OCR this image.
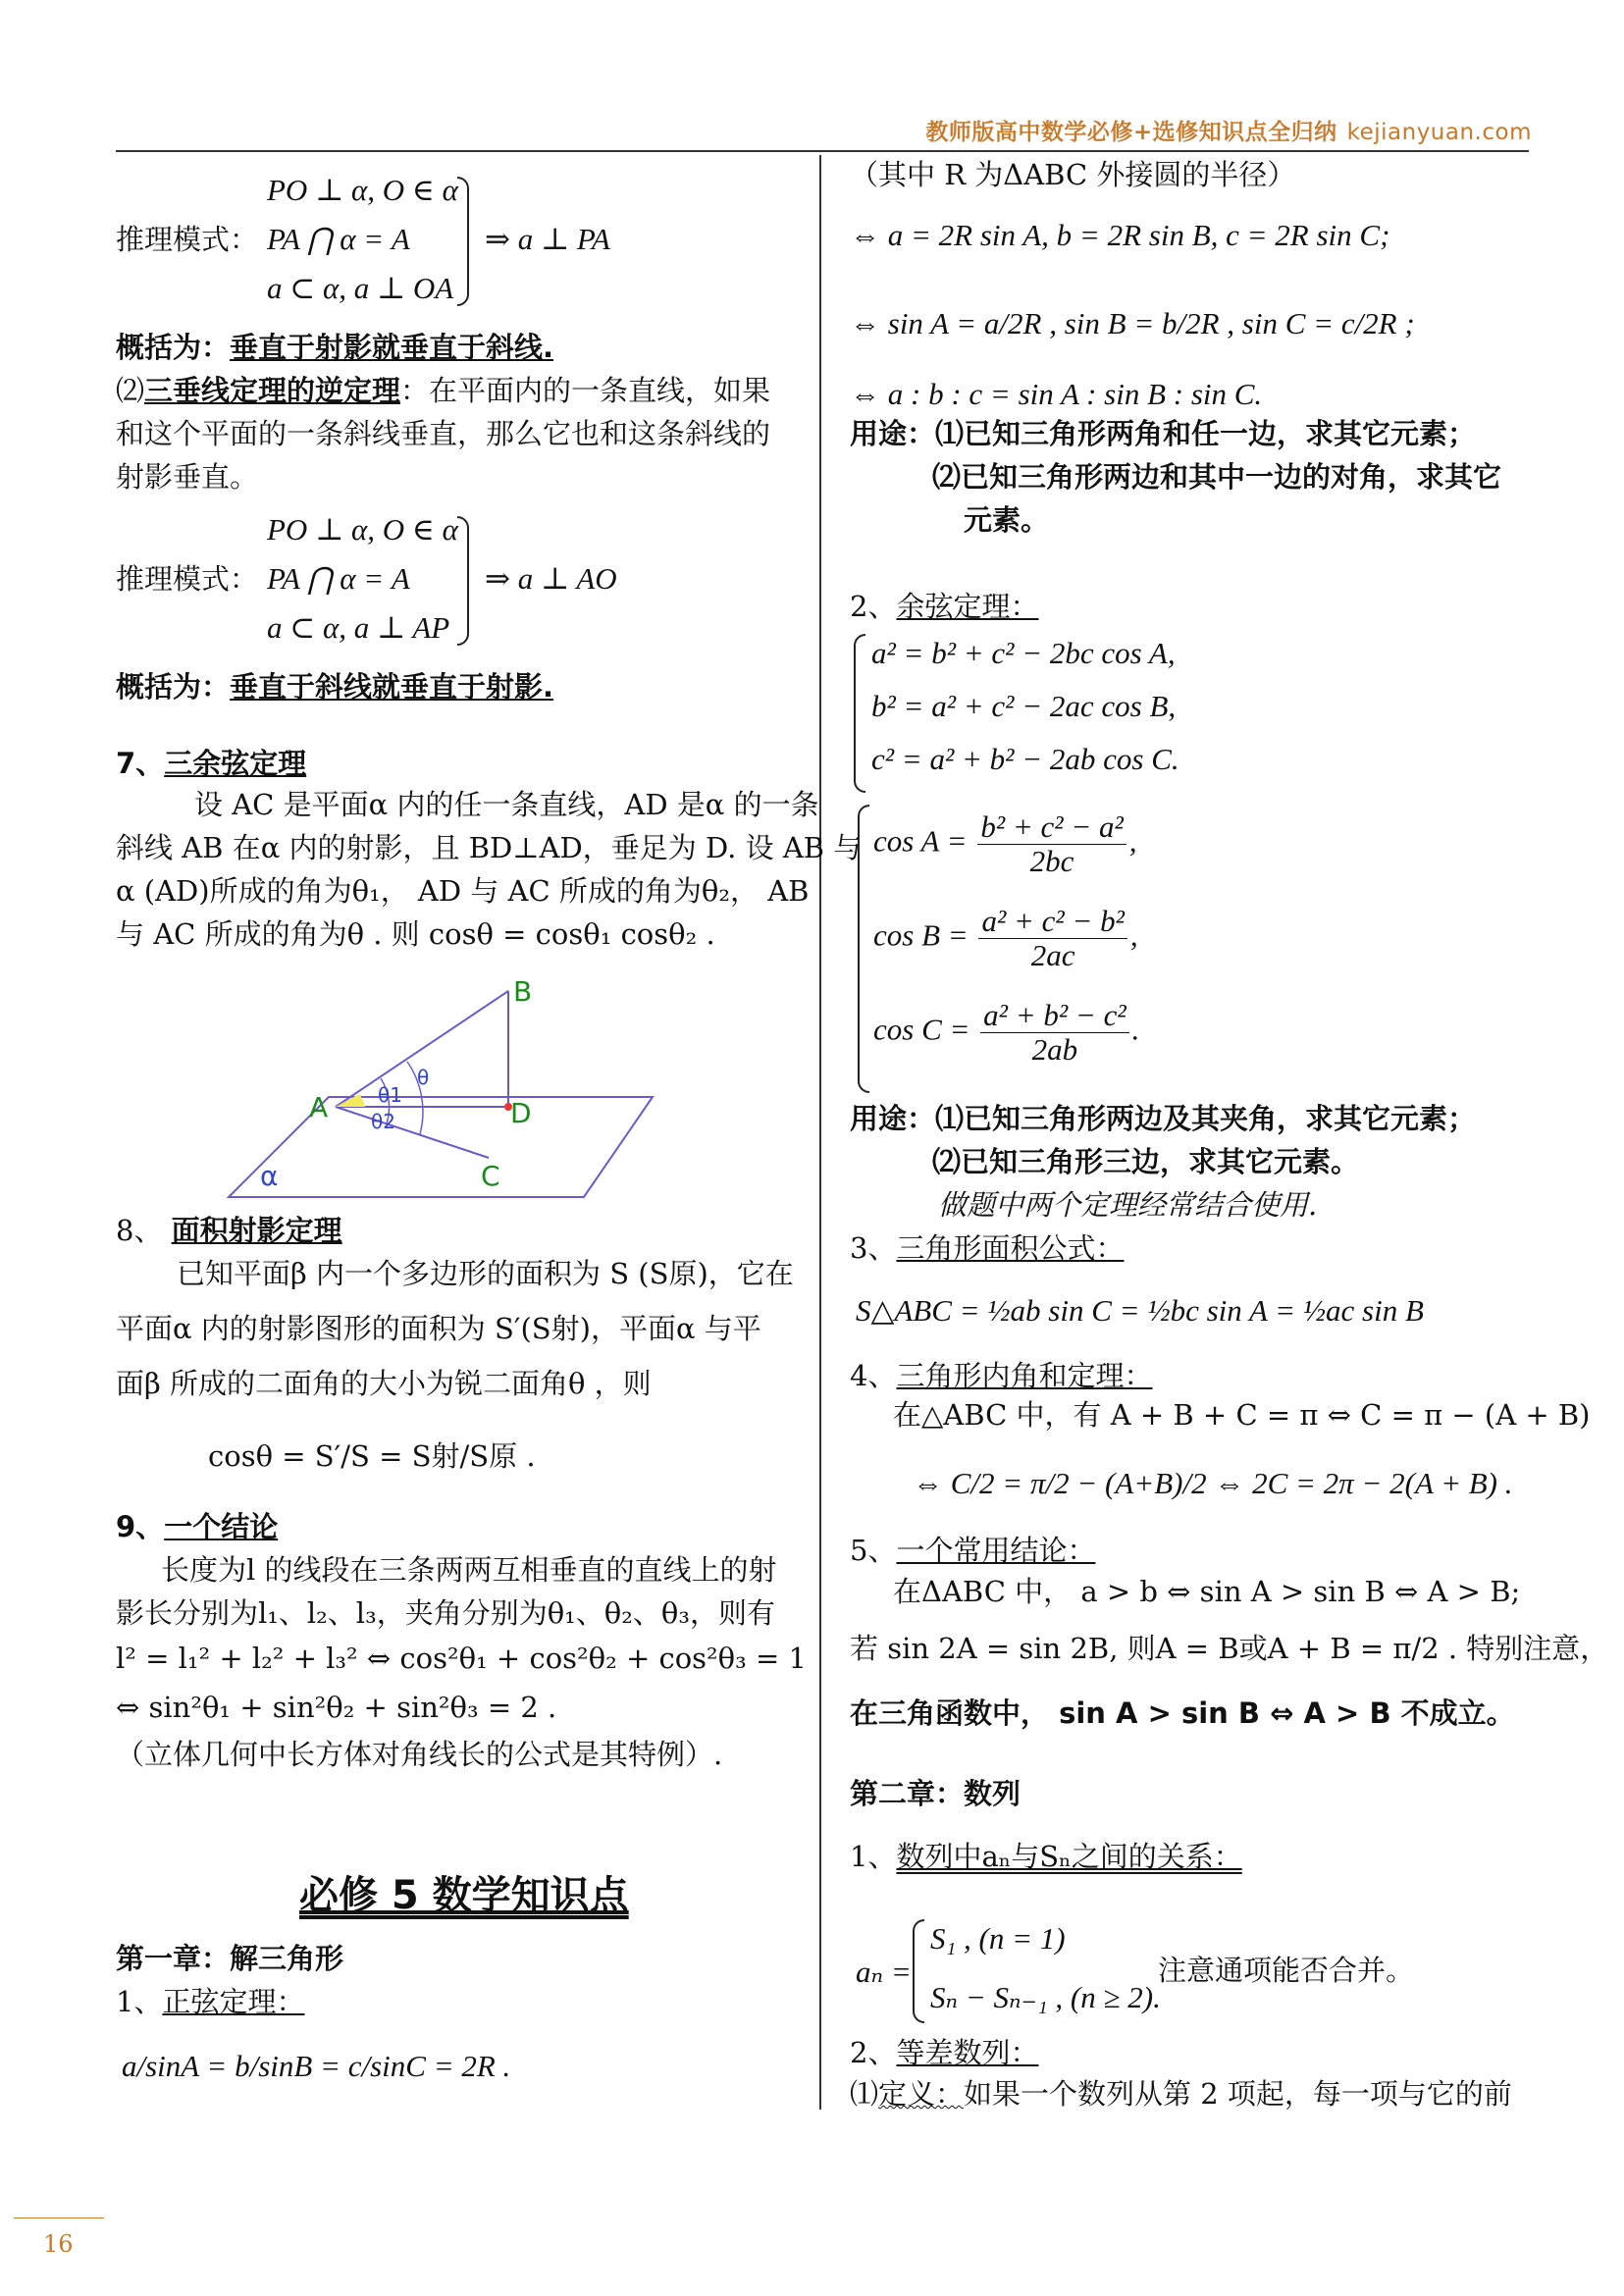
教师版高中数学必修+选修知识点全归纳 kejianyuan.com
PO ⊥ α, O ∈ α
推理模式： PA ⋂ α = A
a ⊂ α, a ⊥ OA
⇒ a ⊥ PA
概括为：垂直于射影就垂直于斜线.
⑵三垂线定理的逆定理：在平面内的一条直线，如果
和这个平面的一条斜线垂直，那么它也和这条斜线的
射影垂直。
PO ⊥ α, O ∈ α
推理模式： PA ⋂ α = A
a ⊂ α, a ⊥ AP
⇒ a ⊥ AO
概括为：垂直于斜线就垂直于射影.
7、三余弦定理
设 AC 是平面α 内的任一条直线，AD 是α 的一条
斜线 AB 在α 内的射影，且 BD⊥AD，垂足为 D. 设 AB 与
α (AD)所成的角为θ₁， AD 与 AC 所成的角为θ₂， AB
与 AC 所成的角为θ . 则 cosθ = cosθ₁ cosθ₂ .
B
A	D
C
α
θ
θ1
θ2
8、 面积射影定理
已知平面β 内一个多边形的面积为 S (S原)，它在
平面α 内的射影图形的面积为 S′(S射)，平面α 与平
面β 所成的二面角的大小为锐二面角θ ，则
cosθ = S′/S = S射/S原 .
9、一个结论
长度为l 的线段在三条两两互相垂直的直线上的射
影长分别为l₁、l₂、l₃，夹角分别为θ₁、θ₂、θ₃，则有
l² = l₁² + l₂² + l₃² ⇔ cos²θ₁ + cos²θ₂ + cos²θ₃ = 1
⇔ sin²θ₁ + sin²θ₂ + sin²θ₃ = 2 .
（立体几何中长方体对角线长的公式是其特例）.
必修 5 数学知识点
第一章：解三角形
1、正弦定理：
a/sinA = b/sinB = c/sinC = 2R .
（其中 R 为ΔABC 外接圆的半径）
⇔ a = 2R sin A, b = 2R sin B, c = 2R sin C;
⇔ sin A = a/2R , sin B = b/2R , sin C = c/2R ;
⇔ a : b : c = sin A : sin B : sin C.
用途：⑴已知三角形两角和任一边，求其它元素；
⑵已知三角形两边和其中一边的对角，求其它
元素。
2、余弦定理：
a² = b² + c² − 2bc cos A,
b² = a² + c² − 2ac cos B,
c² = a² + b² − 2ab cos C.
$\cos A = \frac{\text{b² + c² − a²}}{2bc}$ ,
$\cos B = \frac{\text{a² + c² − b²}}{2ac}$ ,
$\cos C = \frac{\text{a² + b² − c²}}{2ab}$ .
用途：⑴已知三角形两边及其夹角，求其它元素；
⑵已知三角形三边，求其它元素。
做题中两个定理经常结合使用.
3、三角形面积公式：
S△ABC = ½ab sin C = ½bc sin A = ½ac sin B
4、三角形内角和定理：
在△ABC 中，有 A + B + C = π ⇔ C = π − (A + B)
⇔ C/2 = π/2 − (A+B)/2 ⇔ 2C = 2π − 2(A + B) .
5、一个常用结论：
在ΔABC 中， a > b ⇔ sin A > sin B ⇔ A > B;
若 sin 2A = sin 2B, 则A = B或A + B = π/2 . 特别注意，
在三角函数中， sin A > sin B ⇔ A > B 不成立。
第二章：数列
1、数列中aₙ与Sₙ之间的关系：
aₙ =
S₁ , (n = 1)
Sₙ − Sₙ₋₁ , (n ≥ 2).
注意通项能否合并。
2、等差数列：
⑴定义：如果一个数列从第 2 项起，每一项与它的前
16
